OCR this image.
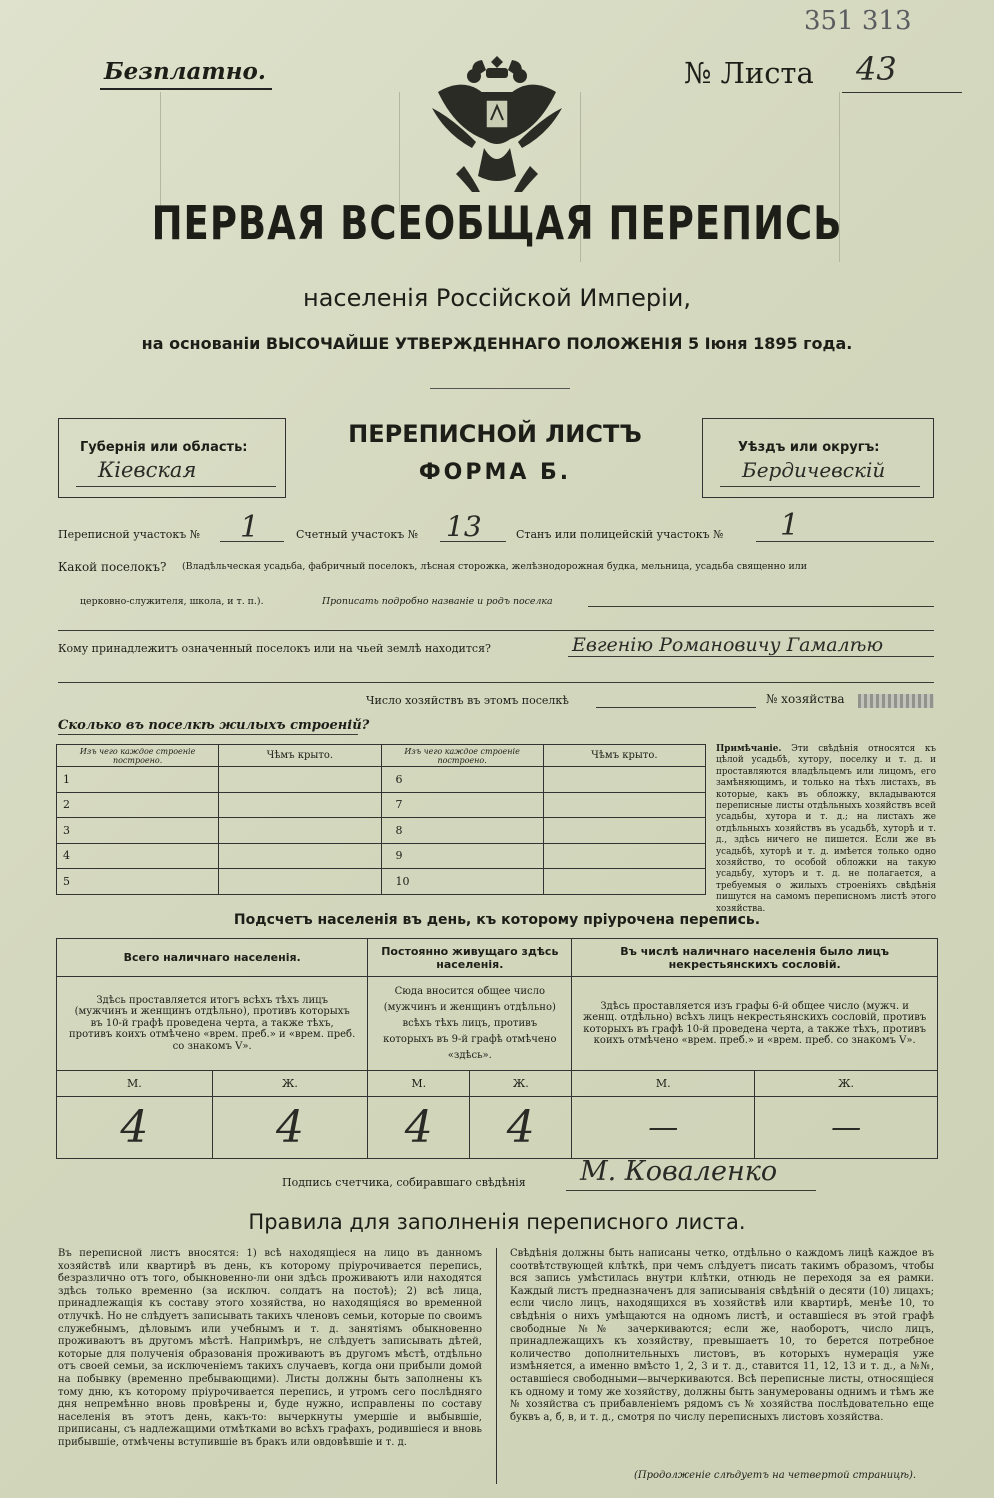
351 313
Безплатно.	№ Листа 43
ПЕРВАЯ ВСЕОБЩАЯ ПЕРЕПИСЬ
населенія Россійской Имперіи,
на основаніи ВЫСОЧАЙШЕ УТВЕРЖДЕННАГО ПОЛОЖЕНІЯ 5 Іюня 1895 года.
Губернія или область:
Кіевская
ПЕРЕПИСНОЙ ЛИСТЪ
ФОРМА Б.
Уѣздъ или округъ:
Бердичевскій
Переписной участокъ № 1	Счетный участокъ № 13	Станъ или полицейскій участокъ № 1
Какой поселокъ? (Владѣльческая усадьба, фабричный поселокъ, лѣсная сторожка, желѣзнодорожная будка, мельница, усадьба священно или
церковно-служителя, школа, и т. п.).	Прописать подробно названіе и родъ поселка
Кому принадлежитъ означенный поселокъ или на чьей землѣ находится?	Евгенію Романовичу Гамалѣю
Число хозяйствъ въ этомъ поселкѣ	№ хозяйства
Сколько въ поселкѣ жилыхъ строеній?
Изъ чего каждое строеніе построено.	Чѣмъ крыто.	Изъ чего каждое строеніе построено.	Чѣмъ крыто.
1		6	
2		7	
3		8	
4		9	
5		10	
Примѣчаніе. Эти свѣдѣнія относятся къ цѣлой усадьбѣ, хутору, поселку и т. д. и проставляются владѣльцемъ или лицомъ, его замѣняющимъ, и только на тѣхъ листахъ, въ которые, какъ въ обложку, вкладываются переписные листы отдѣльныхъ хозяйствъ всей усадьбы, хутора и т. д.; на листахъ же отдѣльныхъ хозяйствъ въ усадьбѣ, хуторѣ и т. д., здѣсь ничего не пишется. Если же въ усадьбѣ, хуторѣ и т. д. имѣется только одно хозяйство, то особой обложки на такую усадьбу, хуторъ и т. д. не полагается, а требуемыя о жилыхъ строеніяхъ свѣдѣнія пишутся на самомъ переписномъ листѣ этого хозяйства.
Подсчетъ населенія въ день, къ которому пріурочена перепись.
Всего наличнаго населенія.		Постоянно живущаго здѣсь населенія.		Въ числѣ наличнаго населенія было лицъ некрестьянскихъ сословій.	
Здѣсь проставляется итогъ всѣхъ тѣхъ лицъ (мужчинъ и женщинъ отдѣльно), противъ которыхъ въ 10-й графѣ проведена черта, а также тѣхъ, противъ коихъ отмѣчено «врем. преб.» и «врем. преб. со знакомъ V».		Сюда вносится общее число (мужчинъ и женщинъ отдѣльно) всѣхъ тѣхъ лицъ, противъ которыхъ въ 9-й графѣ отмѣчено «здѣсь».		Здѣсь проставляется изъ графы 6-й общее число (мужч. и женщ. отдѣльно) всѣхъ лицъ некрестьянскихъ сословій, противъ которыхъ въ графѣ 10-й проведена черта, а также тѣхъ, противъ коихъ отмѣчено «врем. преб.» и «врем. преб. со знакомъ V».	
М.	Ж.	М.	Ж.	М.	Ж.
4	4	4	4	—	—
Подпись счетчика, собиравшаго свѣдѣнія М. Коваленко
Правила для заполненія переписного листа.
Въ переписной листъ вносятся: 1) всѣ находящіеся на лицо въ данномъ хозяйствѣ или квартирѣ въ день, къ которому пріурочивается перепись, безразлично отъ того, обыкновенно-ли они здѣсь проживаютъ или находятся здѣсь только временно (за исключ. солдатъ на постоѣ); 2) всѣ лица, принадлежащія къ составу этого хозяйства, но находящіяся во временной отлучкѣ. Но не слѣдуетъ записывать такихъ членовъ семьи, которые по своимъ служебнымъ, дѣловымъ или учебнымъ и т. д. занятіямъ обыкновенно проживаютъ въ другомъ мѣстѣ. Напримѣръ, не слѣдуетъ записывать дѣтей, которые для полученія образованія проживаютъ въ другомъ мѣстѣ, отдѣльно отъ своей семьи, за исключеніемъ такихъ случаевъ, когда они прибыли домой на побывку (временно пребывающими). Листы должны быть заполнены къ тому дню, къ которому пріурочивается перепись, и утромъ сего послѣдняго дня непремѣнно вновь провѣрены и, буде нужно, исправлены по составу населенія въ этотъ день, какъ-то: вычеркнуты умершіе и выбывшіе, приписаны, съ надлежащими отмѣтками во всѣхъ графахъ, родившіеся и вновь прибывшіе, отмѣчены вступившіе въ бракъ или овдовѣвшіе и т. д.
Свѣдѣнія должны быть написаны четко, отдѣльно о каждомъ лицѣ каждое въ соотвѣтствующей клѣткѣ, при чемъ слѣдуетъ писать такимъ образомъ, чтобы вся запись умѣстилась внутри клѣтки, отнюдь не переходя за ея рамки. Каждый листъ предназначенъ для записыванія свѣдѣній о десяти (10) лицахъ; если число лицъ, находящихся въ хозяйствѣ или квартирѣ, менѣе 10, то свѣдѣнія о нихъ умѣщаются на одномъ листѣ, и оставшіеся въ этой графѣ свободные №№ зачеркиваются; если же, наоборотъ, число лицъ, принадлежащихъ къ хозяйству, превышаетъ 10, то берется потребное количество дополнительныхъ листовъ, въ которыхъ нумерація уже измѣняется, а именно вмѣсто 1, 2, 3 и т. д., ставится 11, 12, 13 и т. д., а №№, оставшіеся свободными—вычеркиваются. Всѣ переписные листы, относящіеся къ одному и тому же хозяйству, должны быть занумерованы однимъ и тѣмъ же № хозяйства съ прибавленіемъ рядомъ съ № хозяйства послѣдовательно еще буквъ а, б, в, и т. д., смотря по числу переписныхъ листовъ хозяйства.
(Продолженіе слѣдуетъ на четвертой страницѣ).
